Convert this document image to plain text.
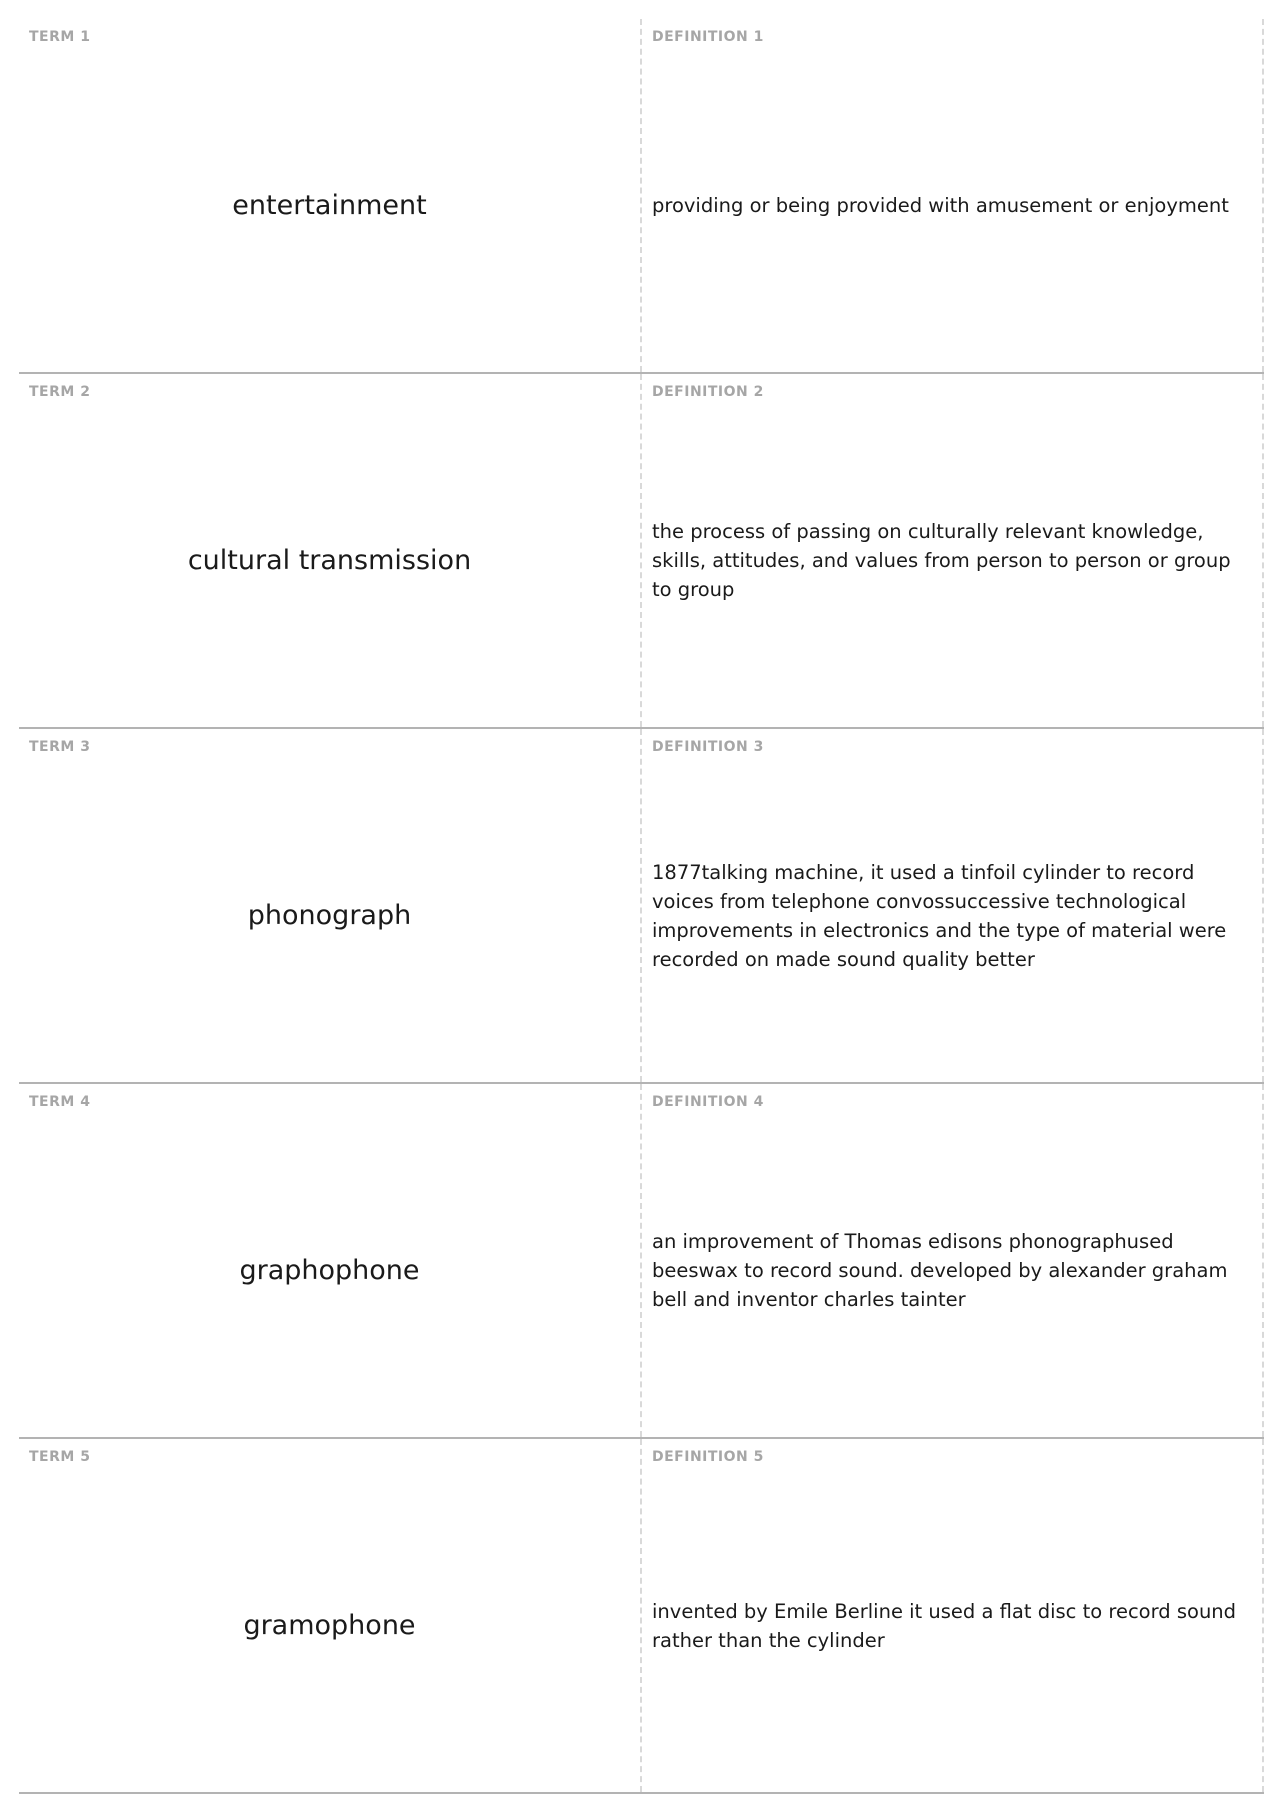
TERM 1
entertainment
DEFINITION 1
providing or being provided with amusement or enjoyment
TERM 2
cultural transmission
DEFINITION 2
the process of passing on culturally relevant knowledge, skills, attitudes, and values from person to person or group to group
TERM 3
phonograph
DEFINITION 3
1877talking machine, it used a tinfoil cylinder to record voices from telephone convossuccessive technological improvements in electronics and the type of material were recorded on made sound quality better
TERM 4
graphophone
DEFINITION 4
an improvement of Thomas edisons phonographused beeswax to record sound. developed by alexander graham bell and inventor charles tainter
TERM 5
gramophone
DEFINITION 5
invented by Emile Berline it used a flat disc to record sound rather than the cylinder
